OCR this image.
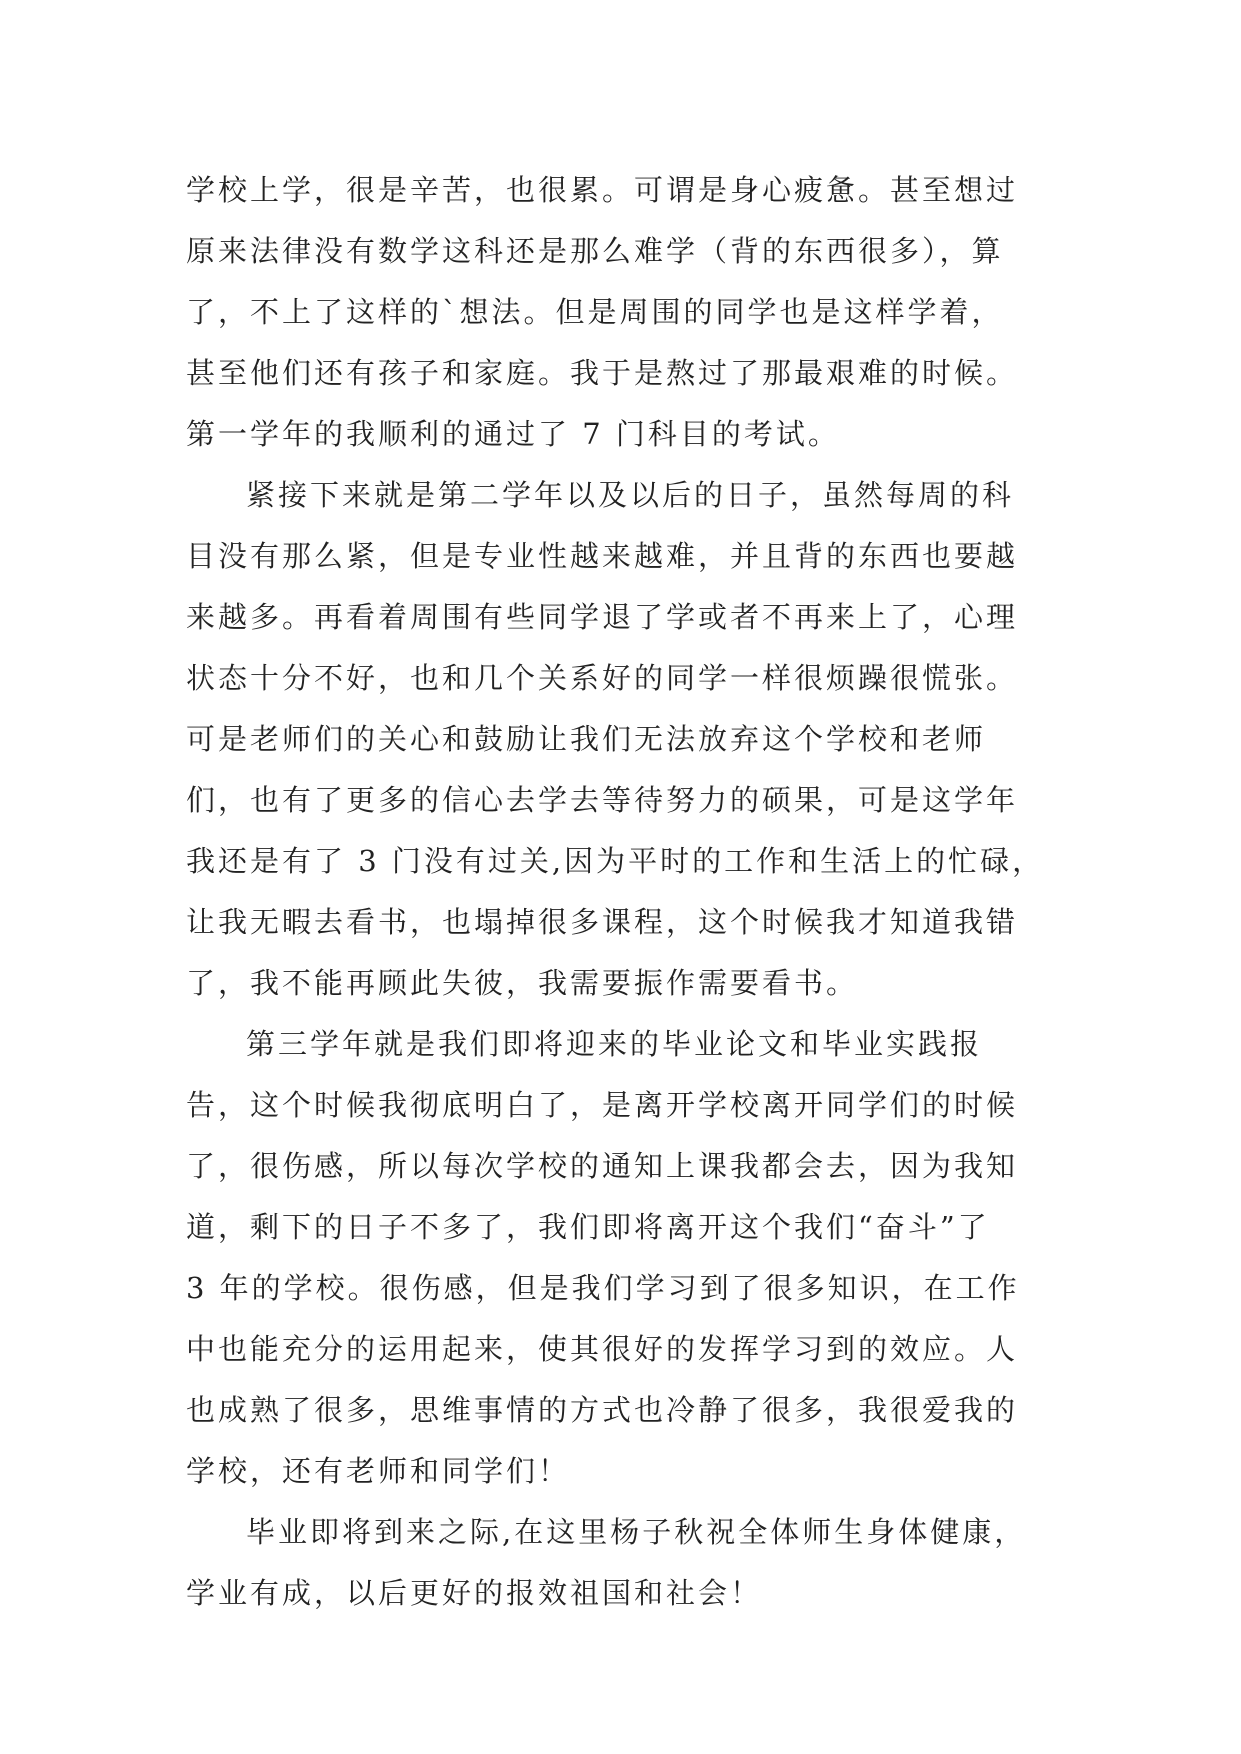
学校上学，很是辛苦，也很累。可谓是身心疲惫。甚至想过
原来法律没有数学这科还是那么难学（背的东西很多），算
了，不上了这样的`想法。但是周围的同学也是这样学着，
甚至他们还有孩子和家庭。我于是熬过了那最艰难的时候。
第一学年的我顺利的通过了 7 门科目的考试。
紧接下来就是第二学年以及以后的日子，虽然每周的科
目没有那么紧，但是专业性越来越难，并且背的东西也要越
来越多。再看着周围有些同学退了学或者不再来上了，心理
状态十分不好，也和几个关系好的同学一样很烦躁很慌张。
可是老师们的关心和鼓励让我们无法放弃这个学校和老师
们，也有了更多的信心去学去等待努力的硕果，可是这学年
我还是有了 3 门没有过关,因为平时的工作和生活上的忙碌，
让我无暇去看书，也塌掉很多课程，这个时候我才知道我错
了，我不能再顾此失彼，我需要振作需要看书。
第三学年就是我们即将迎来的毕业论文和毕业实践报
告，这个时候我彻底明白了，是离开学校离开同学们的时候
了，很伤感，所以每次学校的通知上课我都会去，因为我知
道，剩下的日子不多了，我们即将离开这个我们“奋斗”了
3 年的学校。很伤感，但是我们学习到了很多知识，在工作
中也能充分的运用起来，使其很好的发挥学习到的效应。人
也成熟了很多，思维事情的方式也冷静了很多，我很爱我的
学校，还有老师和同学们！
毕业即将到来之际,在这里杨子秋祝全体师生身体健康，
学业有成，以后更好的报效祖国和社会！
